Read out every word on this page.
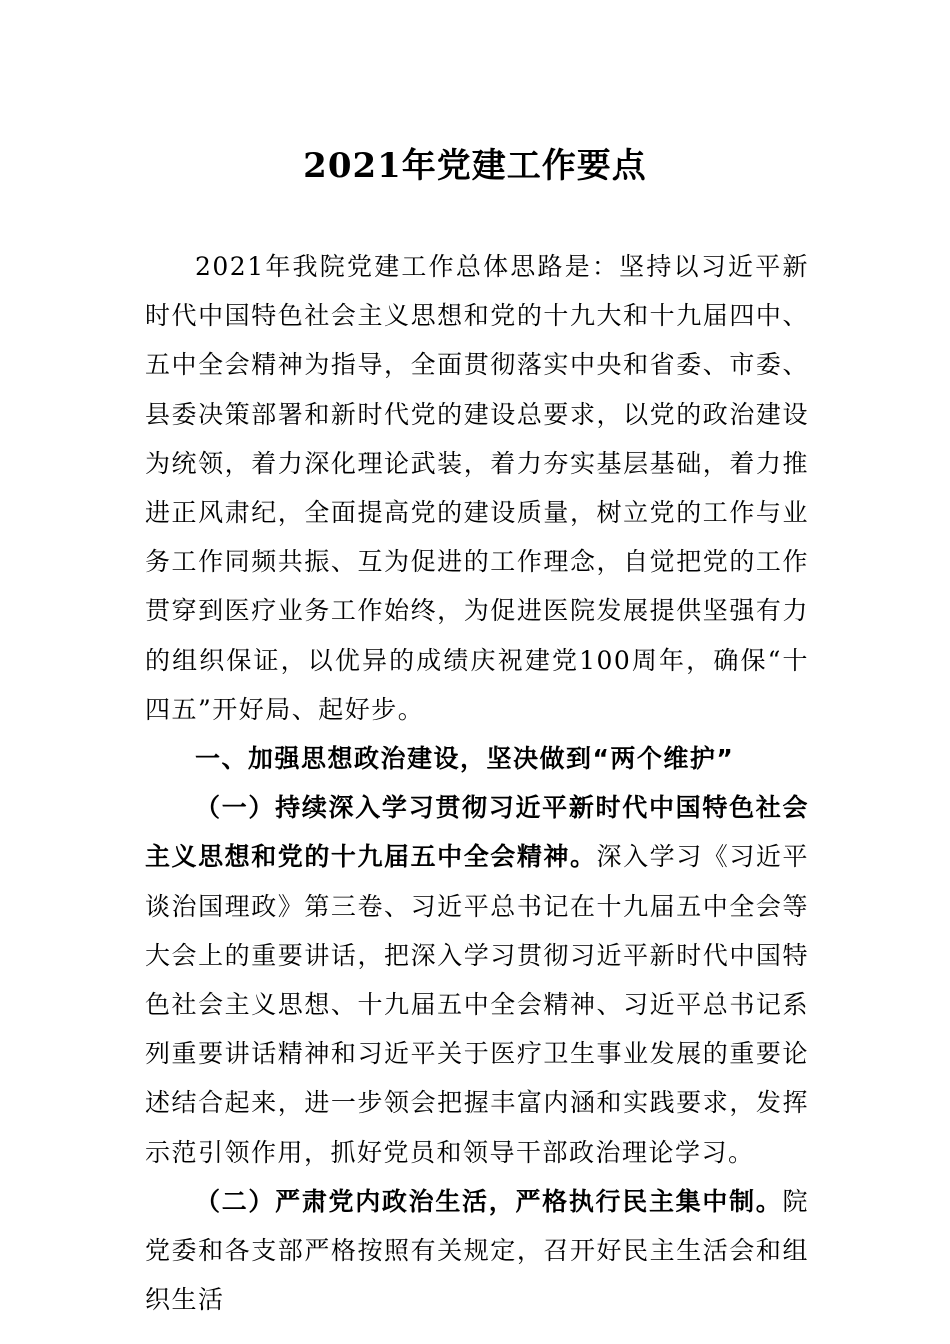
2021年党建工作要点

2021年我院党建工作总体思路是：坚持以习近平新时代中国特色社会主义思想和党的十九大和十九届四中、五中全会精神为指导，全面贯彻落实中央和省委、市委、县委决策部署和新时代党的建设总要求，以党的政治建设为统领，着力深化理论武装，着力夯实基层基础，着力推进正风肃纪，全面提高党的建设质量，树立党的工作与业务工作同频共振、互为促进的工作理念，自觉把党的工作贯穿到医疗业务工作始终，为促进医院发展提供坚强有力的组织保证，以优异的成绩庆祝建党100周年，确保“十四五”开好局、起好步。

一、加强思想政治建设，坚决做到“两个维护”

（一）持续深入学习贯彻习近平新时代中国特色社会主义思想和党的十九届五中全会精神。深入学习《习近平谈治国理政》第三卷、习近平总书记在十九届五中全会等大会上的重要讲话，把深入学习贯彻习近平新时代中国特色社会主义思想、十九届五中全会精神、习近平总书记系列重要讲话精神和习近平关于医疗卫生事业发展的重要论述结合起来，进一步领会把握丰富内涵和实践要求，发挥示范引领作用，抓好党员和领导干部政治理论学习。

（二）严肃党内政治生活，严格执行民主集中制。院党委和各支部严格按照有关规定，召开好民主生活会和组织生活
